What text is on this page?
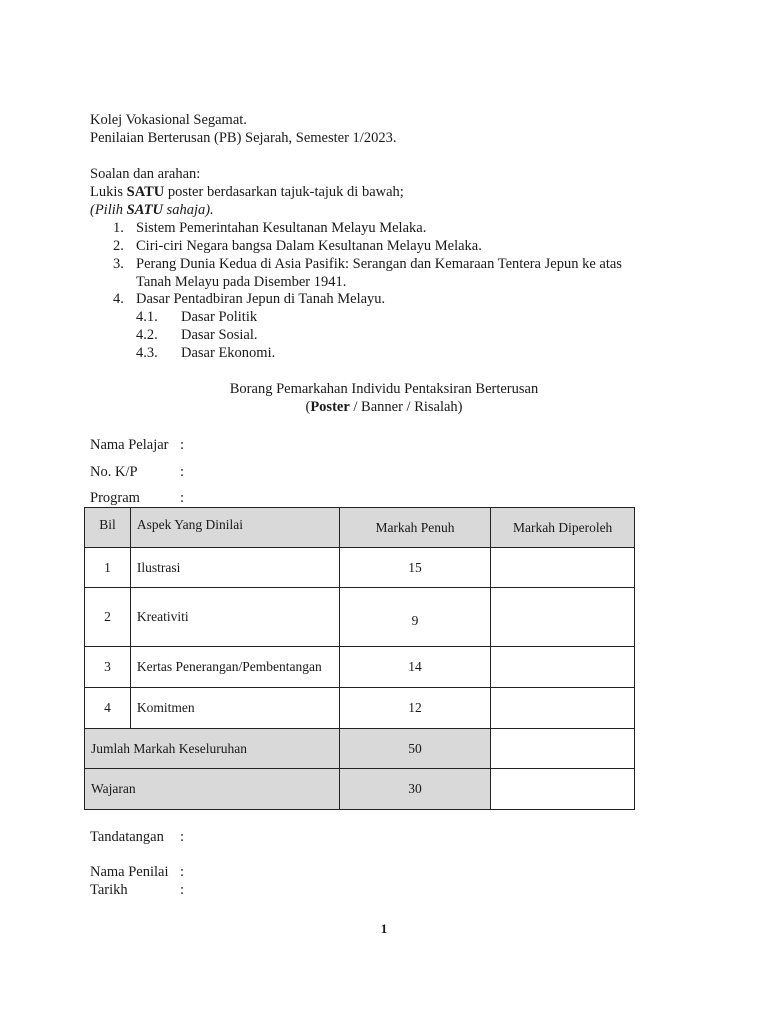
Kolej Vokasional Segamat.
Penilaian Berterusan (PB) Sejarah, Semester 1/2023.
Soalan dan arahan:
Lukis SATU poster berdasarkan tajuk-tajuk di bawah;
(Pilih SATU sahaja).
1. Sistem Pemerintahan Kesultanan Melayu Melaka.
2. Ciri-ciri Negara bangsa Dalam Kesultanan Melayu Melaka.
3. Perang Dunia Kedua di Asia Pasifik: Serangan dan Kemaraan Tentera Jepun ke atas
Tanah Melayu pada Disember 1941.
4. Dasar Pentadbiran Jepun di Tanah Melayu.
4.1. Dasar Politik
4.2. Dasar Sosial.
4.3. Dasar Ekonomi.
Borang Pemarkahan Individu Pentaksiran Berterusan
(Poster / Banner / Risalah)
Nama Pelajar :
No. K/P	:
Program	:
Bil	Aspek Yang Dinilai	Markah Penuh	Markah Diperoleh
1	Ilustrasi	15	
2	Kreativiti	9	
3	Kertas Penerangan/Pembentangan	14	
4	Komitmen	12	
Jumlah Markah Keseluruhan		50	
Wajaran		30	
Tandatangan :
Nama Penilai :
Tarikh	:
1
